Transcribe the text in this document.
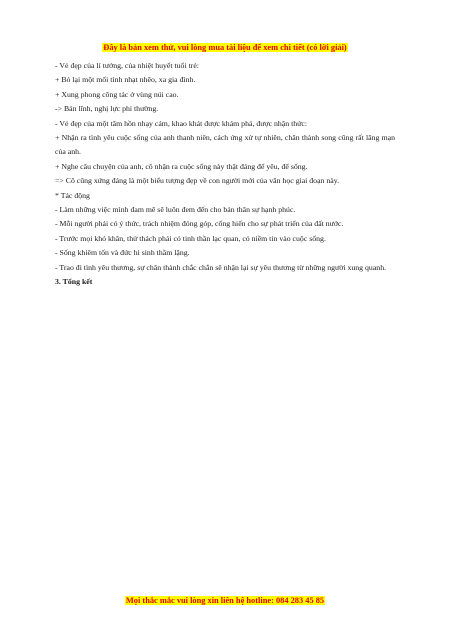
Đây là bản xem thử, vui lòng mua tài liệu để xem chi tiết (có lời giải)
- Vẻ đẹp của lí tưởng, của nhiệt huyết tuổi trẻ:
+ Bỏ lại một mối tình nhạt nhẽo, xa gia đình.
+ Xung phong công tác ở vùng núi cao.
-> Bản lĩnh, nghị lực phi thường.
- Vẻ đẹp của một tâm hồn nhạy cảm, khao khát được khám phá, được nhận thức:
+ Nhận ra tình yêu cuộc sống của anh thanh niên, cách ứng xử tự nhiên, chân thành song cũng rất lãng mạn của anh.
+ Nghe câu chuyện của anh, cô nhận ra cuộc sống này thật đáng để yêu, để sống.
=> Cô cũng xứng đáng là một biểu tượng đẹp về con người mới của văn học giai đoạn này.
* Tác động
- Làm những việc mình đam mê sẽ luôn đem đến cho bản thân sự hạnh phúc.
- Mỗi người phải có ý thức, trách nhiệm đóng góp, cống hiến cho sự phát triển của đất nước.
- Trước mọi khó khăn, thử thách phải có tinh thần lạc quan, có niềm tin vào cuộc sống.
- Sống khiêm tốn và đức hi sinh thầm lặng.
- Trao đi tình yêu thương, sự chân thành chắc chắn sẽ nhận lại sự yêu thương từ những người xung quanh.
3. Tổng kết
Mọi thắc mắc vui lòng xin liên hệ hotline: 084 283 45 85
